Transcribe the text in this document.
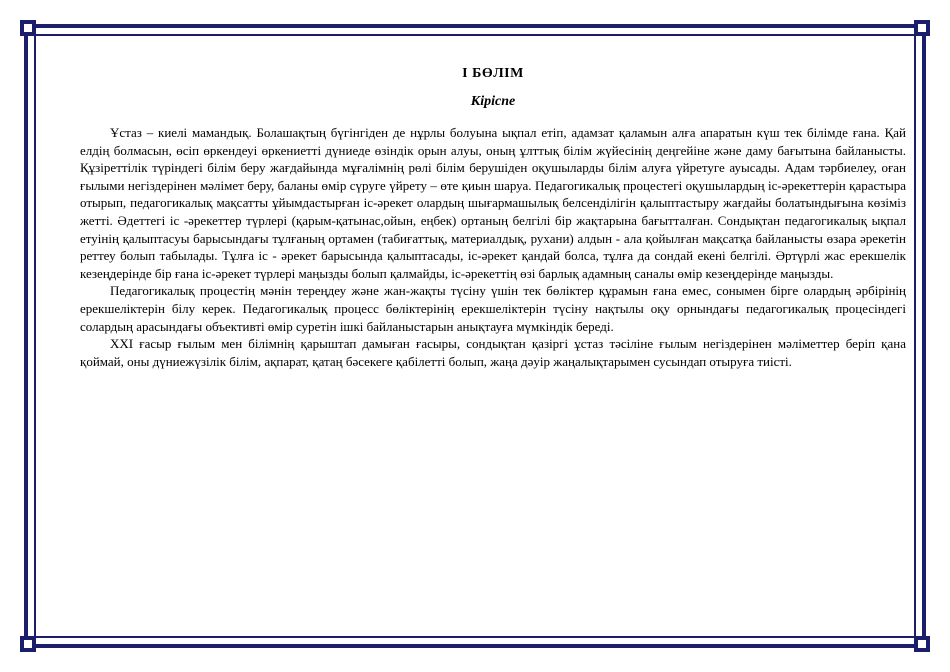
I БӨЛІМ
Кіріспе

Ұстаз – киелі мамандық. Болашақтың бүгінгіден де нұрлы болуына ықпал етіп, адамзат қаламын алға апаратын күш тек білімде ғана. Қай елдің болмасын, өсіп өркендеуі өркениетті дүниеде өзіндік орын алуы, оның ұлттық білім жүйесінің деңгейіне және даму бағытына байланысты. Құзіреттілік түріндегі білім беру жағдайында мұғалімнің рөлі білім берушіден оқушыларды білім алуға үйретуге ауысады. Адам тәрбиелеу, оған ғылыми негіздерінен мәлімет беру, баланы өмір сүруге үйрету – өте қиын шаруа. Педагогикалық процестегі оқушылардың іс-әрекеттерін қарастыра отырып, педагогикалық мақсатты ұйымдастырған іс-әрекет олардың шығармашылық белсенділігін қалыптастыру жағдайы болатындығына көзіміз жетті. Әдеттегі іс -әрекеттер түрлері (қарым-қатынас,ойын, еңбек) ортаның белгілі бір жақтарына бағытталған. Сондықтан педагогикалық ықпал етуінің қалыптасуы барысындағы тұлғаның ортамен (табиғаттық, материалдық, рухани) алдын - ала қойылған мақсатқа байланысты өзара әрекетін реттеу болып табылады. Тұлға іс - әрекет барысында қалыптасады, іс-әрекет қандай болса, тұлға да сондай екені белгілі. Әртүрлі жас ерекшелік кезеңдерінде бір ғана іс-әрекет түрлері маңызды болып қалмайды, іс-әрекеттің өзі барлық адамның саналы өмір кезеңдерінде маңызды.

Педагогикалық процестің мәнін тереңдеу және жан-жақты түсіну үшін тек бөліктер құрамын ғана емес, сонымен бірге олардың әрбірінің ерекшеліктерін білу керек. Педагогикалық процесс бөліктерінің ерекшеліктерін түсіну нақтылы оқу орнындағы педагогикалық процесіндегі солардың арасындағы объективті өмір суретін ішкі байланыстарын анықтауға мүмкіндік береді.

XXI ғасыр ғылым мен білімнің қарыштап дамыған ғасыры, сондықтан қазіргі ұстаз тәсіліне ғылым негіздерінен мәліметтер беріп қана қоймай, оны дүниежүзілік білім, ақпарат, қатаң бәсекеге қабілетті болып, жаңа дәуір жаңалықтарымен сусындап отыруға тиісті.
